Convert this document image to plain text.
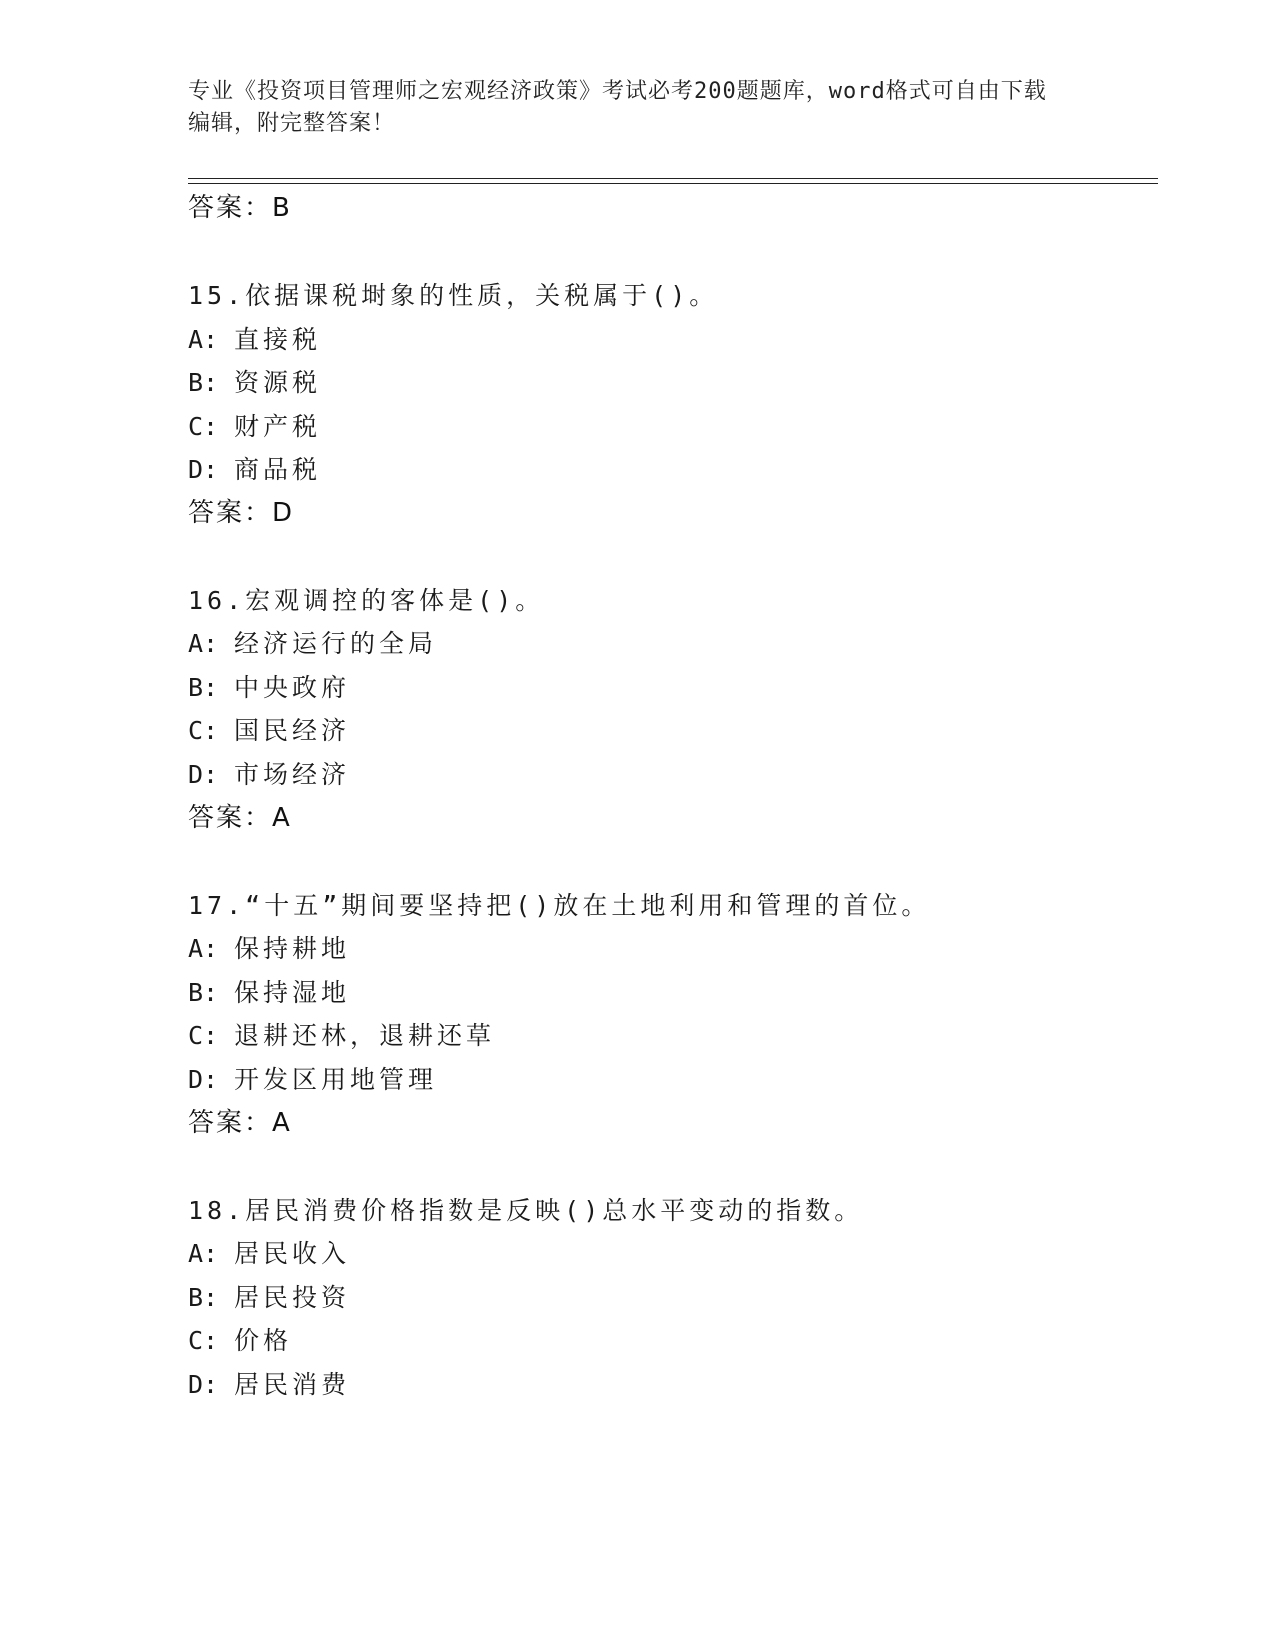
专业《投资项目管理师之宏观经济政策》考试必考200题题库，word格式可自由下载编辑，附完整答案！
答案：B
15.依据课税埘象的性质，关税属于()。
A: 直接税
B: 资源税
C: 财产税
D: 商品税
答案：D
16.宏观调控的客体是()。
A: 经济运行的全局
B: 中央政府
C: 国民经济
D: 市场经济
答案：A
17.“十五”期间要坚持把()放在土地利用和管理的首位。
A: 保持耕地
B: 保持湿地
C: 退耕还林，退耕还草
D: 开发区用地管理
答案：A
18.居民消费价格指数是反映()总水平变动的指数。
A: 居民收入
B: 居民投资
C: 价格
D: 居民消费
